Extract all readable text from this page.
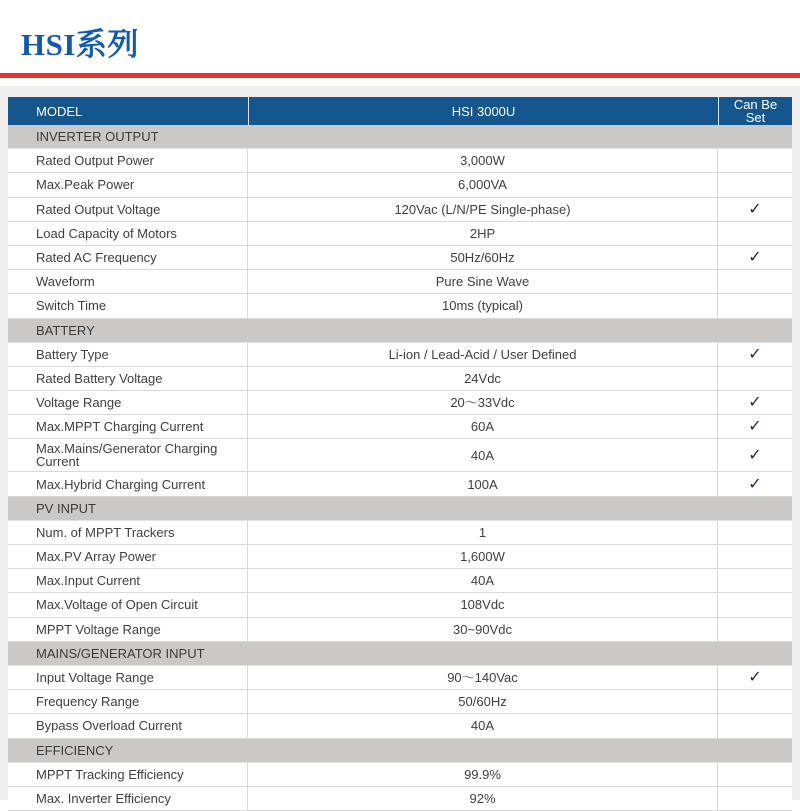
HSI系列
MODEL	HSI 3000U	Can Be
Set
INVERTER OUTPUT
Rated Output Power	3,000W
Max.Peak Power	6,000VA
Rated Output Voltage	120Vac (L/N/PE Single-phase)	✓
Load Capacity of Motors	2HP
Rated AC Frequency	50Hz/60Hz	✓
Waveform	Pure Sine Wave
Switch Time	10ms (typical)
BATTERY
Battery Type	Li-ion / Lead-Acid / User Defined	✓
Rated Battery Voltage	24Vdc
Voltage Range	20～33Vdc	✓
Max.MPPT Charging Current	60A	✓
Max.Mains/Generator Charging Current	40A	✓
Max.Hybrid Charging Current	100A	✓
PV INPUT
Num. of MPPT Trackers	1
Max.PV Array Power	1,600W
Max.Input Current	40A
Max.Voltage of Open Circuit	108Vdc
MPPT Voltage Range	30~90Vdc
MAINS/GENERATOR INPUT
Input Voltage Range	90～140Vac	✓
Frequency Range	50/60Hz
Bypass Overload Current	40A
EFFICIENCY
MPPT Tracking Efficiency	99.9%
Max. Inverter Efficiency	92%
